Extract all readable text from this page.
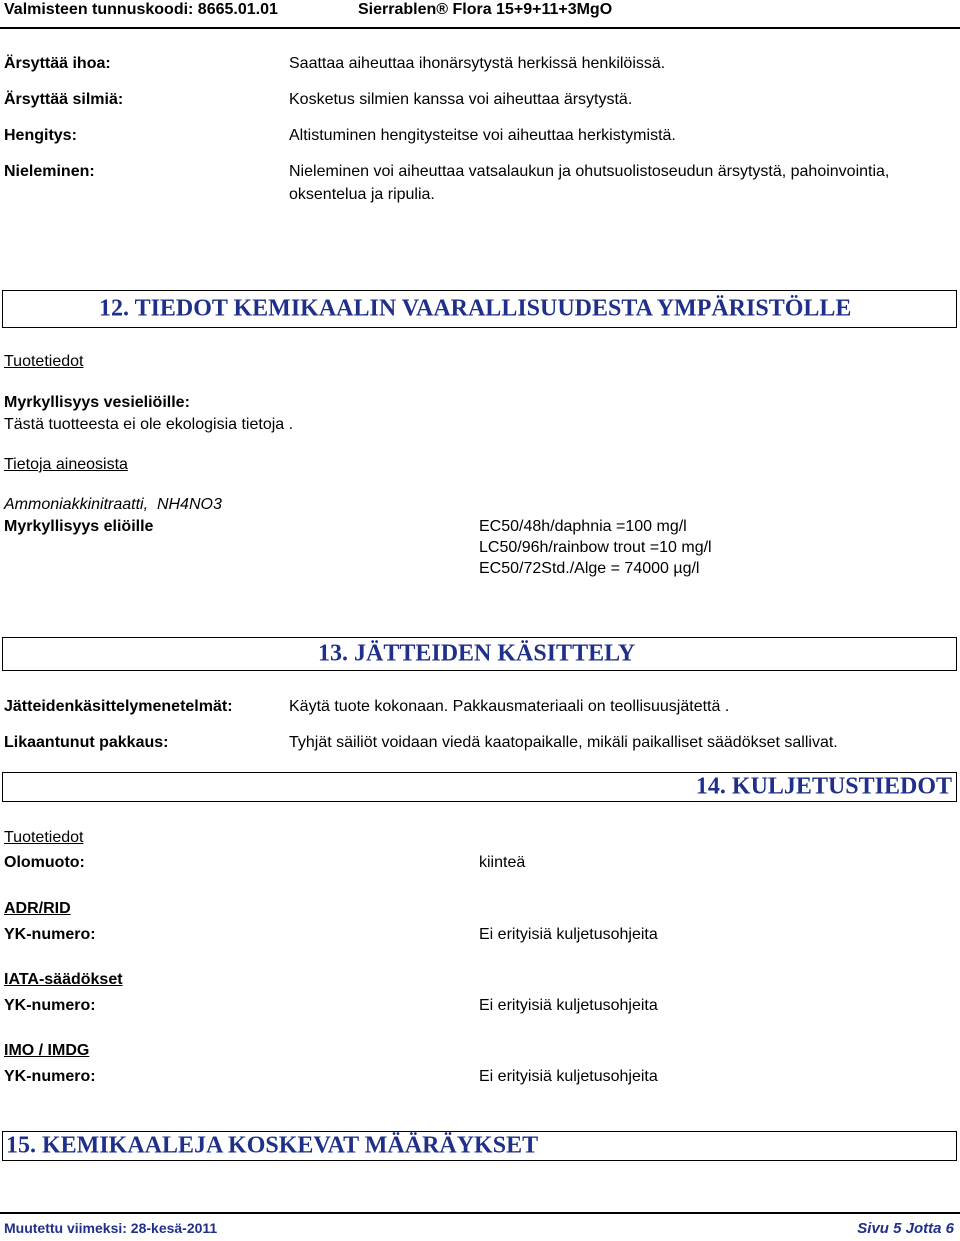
Valmisteen tunnuskoodi: 8665.01.01	Sierrablen® Flora 15+9+11+3MgO
Ärsyttää ihoa:	Saattaa aiheuttaa ihonärsytystä herkissä henkilöissä.
Ärsyttää silmiä:	Kosketus silmien kanssa voi aiheuttaa ärsytystä.
Hengitys:	Altistuminen hengitysteitse voi aiheuttaa herkistymistä.
Nieleminen:	Nieleminen voi aiheuttaa vatsalaukun ja ohutsuolistoseudun ärsytystä, pahoinvointia,
oksentelua ja ripulia.
12. TIEDOT KEMIKAALIN VAARALLISUUDESTA YMPÄRISTÖLLE
Tuotetiedot
Myrkyllisyys vesieliöille:
Tästä tuotteesta ei ole ekologisia tietoja .
Tietoja aineosista
Ammoniakkinitraatti,  NH4NO3
Myrkyllisyys eliöille	EC50/48h/daphnia =100 mg/l
LC50/96h/rainbow trout =10 mg/l
EC50/72Std./Alge = 74000 µg/l
13. JÄTTEIDEN KÄSITTELY
Jätteidenkäsittelymenetelmät:	Käytä tuote kokonaan. Pakkausmateriaali on teollisuusjätettä .
Likaantunut pakkaus:	Tyhjät säiliöt voidaan viedä kaatopaikalle, mikäli paikalliset säädökset sallivat.
14. KULJETUSTIEDOT
Tuotetiedot
Olomuoto:	kiinteä
ADR/RID
YK-numero:	Ei erityisiä kuljetusohjeita
IATA-säädökset
YK-numero:	Ei erityisiä kuljetusohjeita
IMO / IMDG
YK-numero:	Ei erityisiä kuljetusohjeita
15. KEMIKAALEJA KOSKEVAT MÄÄRÄYKSET
Muutettu viimeksi: 28-kesä-2011	Sivu 5 Jotta 6
